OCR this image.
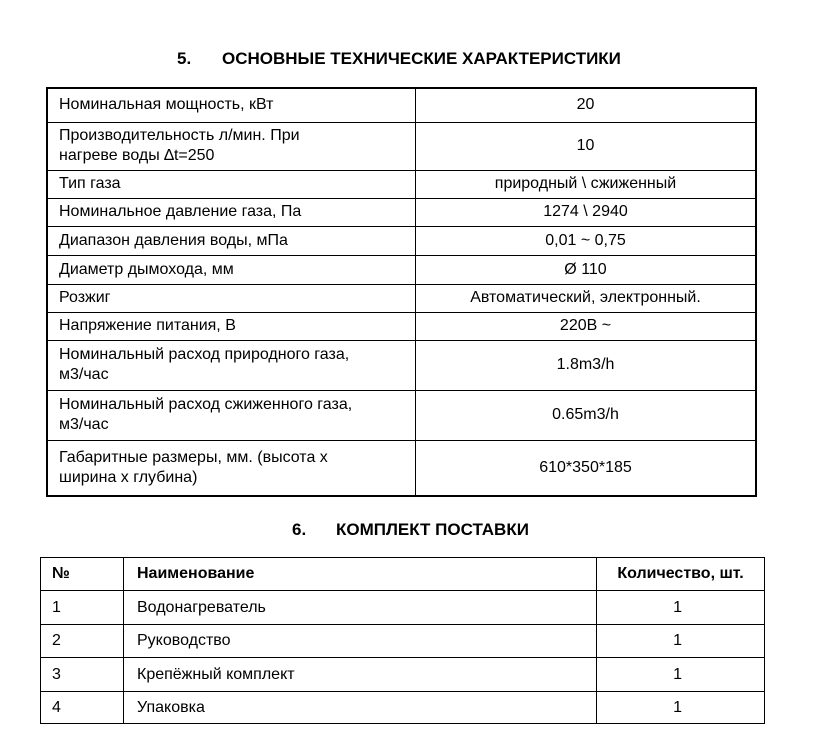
5. ОСНОВНЫЕ ТЕХНИЧЕСКИЕ ХАРАКТЕРИСТИКИ
Номинальная мощность, кВт	20

Производительность л/мин. При нагреве воды ∆t=250	10
Тип газа	природный \ сжиженный
Номинальное давление газа, Па	1274 \ 2940
Диапазон давления воды, мПа	0,01 ~ 0,75
Диаметр дымохода, мм	Ø 110
Розжиг	Автоматический, электронный.
Напряжение питания, В	220В ~

Номинальный расход природного газа, м3/час	1.8m3/h

Номинальный расход сжиженного газа, м3/час	0.65m3/h

Габаритные размеры, мм. (высота х ширина х глубина)	610*350*185
6. КОМПЛЕКТ ПОСТАВКИ
№	Наименование	Количество, шт.
1	Водонагреватель	1
2	Руководство	1
3	Крепёжный комплект	1
4	Упаковка	1
